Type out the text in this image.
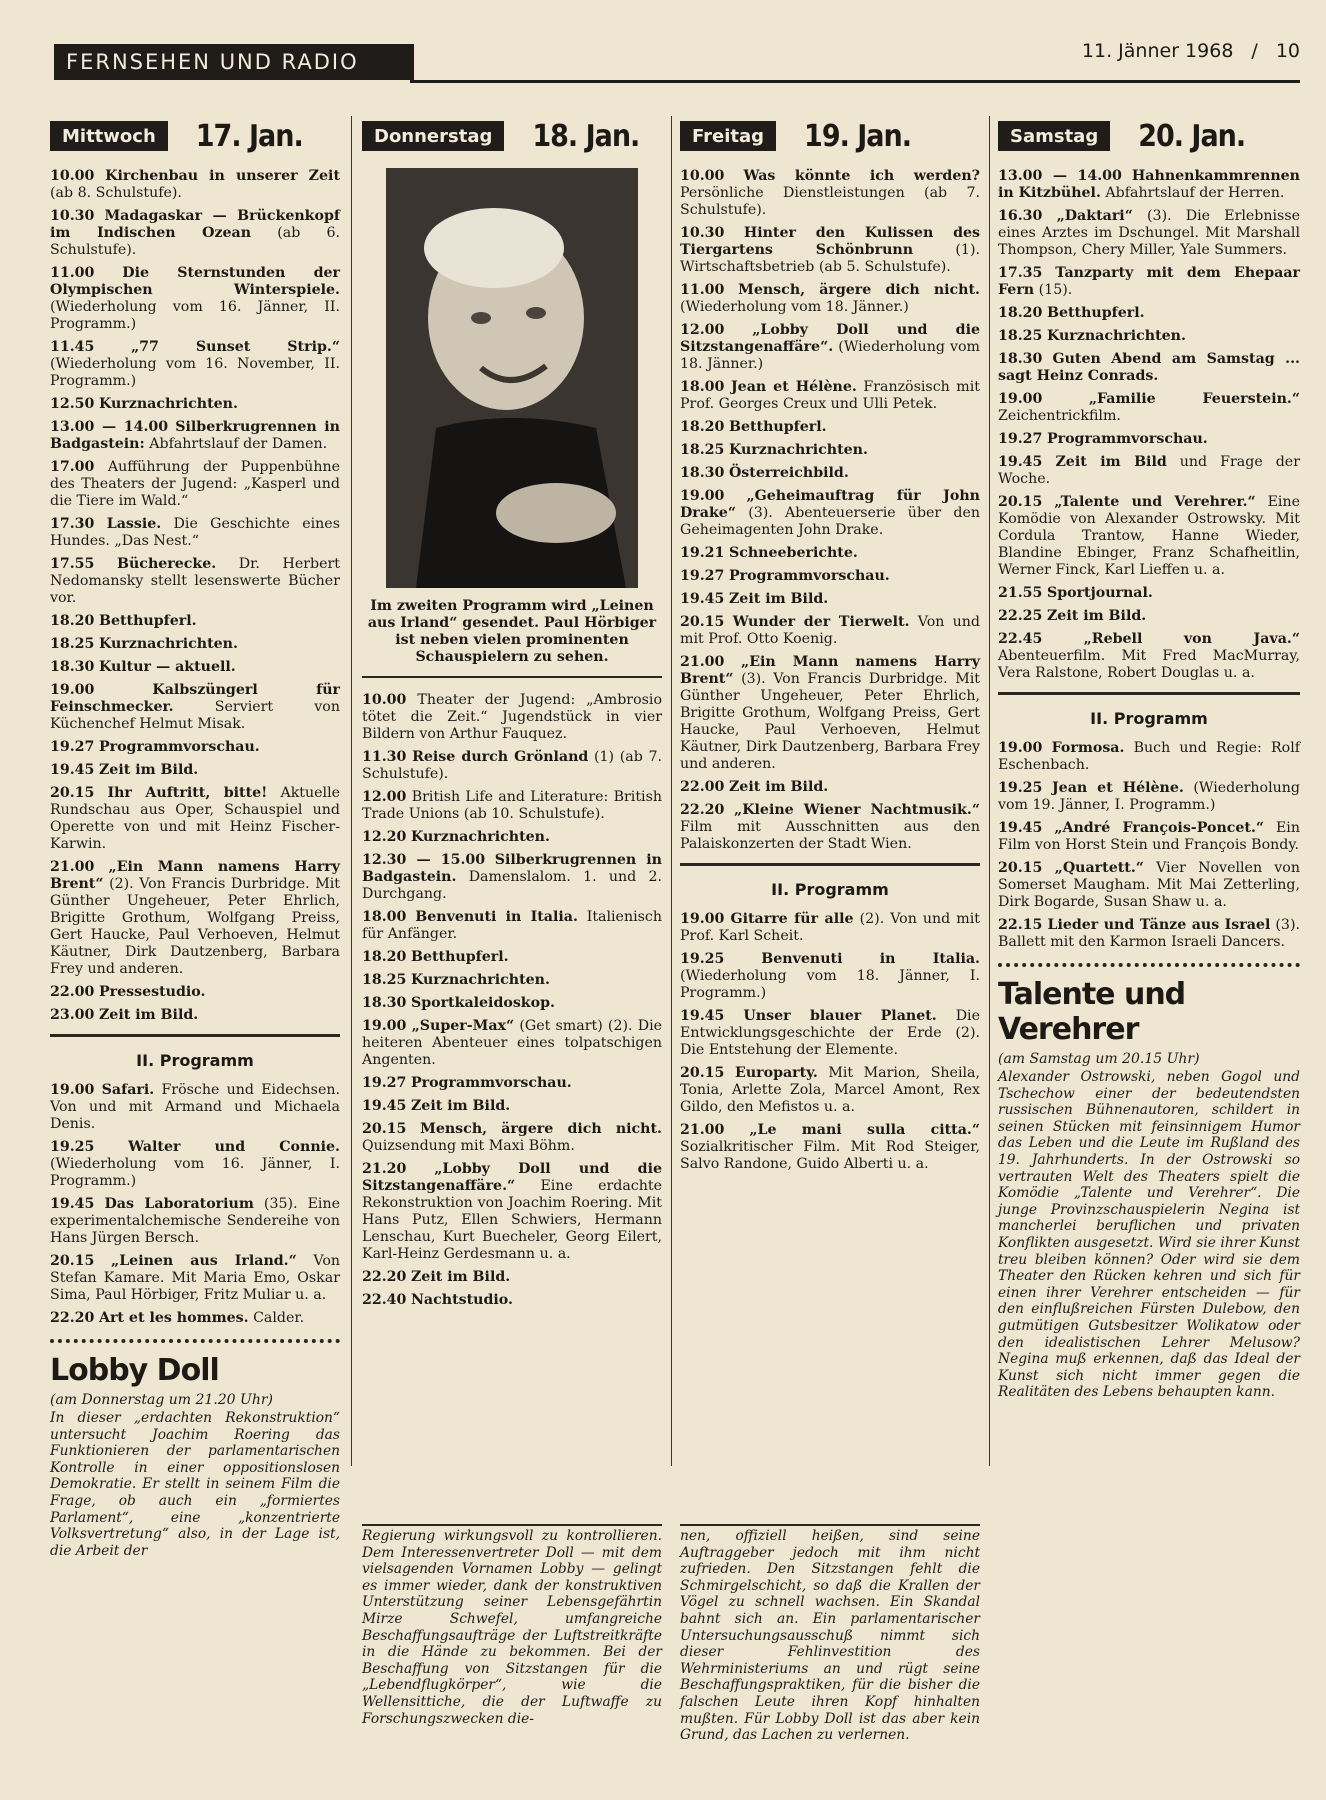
FERNSEHEN UND RADIO	11. Jänner 1968 / 10
Mittwoch	17. Jan.
10.00 Kirchenbau in unserer Zeit (ab 8. Schulstufe).
10.30 Madagaskar — Brückenkopf im Indischen Ozean (ab 6. Schulstufe).
11.00 Die Sternstunden der Olympischen Winterspiele. (Wiederholung vom 16. Jänner, II. Programm.)
11.45	„77 Sunset Strip.“ (Wiederholung vom 16. November, II. Programm.)
12.50 Kurznachrichten.
13.00 — 14.00 Silberkrugrennen in Badgastein: Abfahrtslauf der Damen.
17.00 Aufführung der Puppenbühne des Theaters der Jugend: „Kasperl und die Tiere im Wald.“
17.30 Lassie. Die Geschichte eines Hundes. „Das Nest.“
17.55 Bücherecke. Dr. Herbert Nedomansky stellt lesenswerte Bücher vor.
18.20 Betthupferl.
18.25 Kurznachrichten.
18.30 Kultur — aktuell.
19.00	Kalbszüngerl für Feinschmecker.	Serviert von Küchenchef Helmut Misak.
19.27 Programmvorschau.
19.45 Zeit im Bild.
20.15 Ihr Auftritt, bitte! Aktuelle Rundschau aus Oper, Schauspiel und Operette von und mit Heinz Fischer-Karwin.
21.00 „Ein Mann namens Harry Brent“ (2). Von Francis Durbridge. Mit Günther Ungeheuer, Peter Ehrlich, Brigitte Grothum, Wolfgang Preiss, Gert Haucke, Paul Verhoeven, Helmut Käutner, Dirk Dautzenberg, Barbara Frey und anderen.
22.00 Pressestudio.
23.00 Zeit im Bild.
II. Programm
19.00 Safari. Frösche und Eidechsen. Von und mit Armand und Michaela Denis.
19.25 Walter und Connie. (Wiederholung vom 16. Jänner, I. Programm.)
19.45 Das Laboratorium (35). Eine experimentalchemische Sendereihe von Hans Jürgen Bersch.
20.15 „Leinen aus Irland.“ Von Stefan Kamare. Mit Maria Emo, Oskar Sima, Paul Hörbiger, Fritz Muliar u. a.
22.20 Art et les hommes. Calder.
Lobby Doll
(am Donnerstag um 21.20 Uhr)
In dieser „erdachten Rekonstruktion“ untersucht Joachim Roering das Funktionieren der parlamentarischen Kontrolle in einer oppositionslosen Demokratie. Er stellt in seinem Film die Frage, ob auch ein „formiertes Parlament“, eine „konzentrierte Volksvertretung“ also, in der Lage ist, die Arbeit der
Donnerstag	18. Jan.
Im zweiten Programm wird „Leinen aus Irland“ gesendet. Paul Hörbiger ist neben vielen prominenten Schauspielern zu sehen.
10.00 Theater der Jugend: „Ambrosio tötet die Zeit.“ Jugendstück in vier Bildern von Arthur Fauquez.
11.30 Reise durch Grönland (1) (ab 7. Schulstufe).
12.00 British Life and Literature: British Trade Unions (ab 10. Schulstufe).
12.20 Kurznachrichten.
12.30 — 15.00 Silberkrugrennen in Badgastein. Damenslalom. 1. und 2. Durchgang.
18.00 Benvenuti in Italia. Italienisch für Anfänger.
18.20 Betthupferl.
18.25 Kurznachrichten.
18.30 Sportkaleidoskop.
19.00 „Super-Max“ (Get smart) (2). Die heiteren Abenteuer eines tolpatschigen Angenten.
19.27 Programmvorschau.
19.45 Zeit im Bild.
20.15 Mensch, ärgere dich nicht. Quizsendung mit Maxi Böhm.
21.20 „Lobby Doll und die Sitzstangenaffäre.“ Eine erdachte Rekonstruktion von Joachim Roering. Mit Hans Putz, Ellen Schwiers, Hermann Lenschau, Kurt Buecheler, Georg Eilert, Karl-Heinz Gerdesmann u. a.
22.20 Zeit im Bild.
22.40 Nachtstudio.
Freitag	19. Jan.
10.00 Was könnte ich werden? Persönliche Dienstleistungen (ab 7. Schulstufe).
10.30 Hinter den Kulissen des Tiergartens Schönbrunn	(1). Wirtschaftsbetrieb (ab 5. Schulstufe).
11.00 Mensch, ärgere dich nicht. (Wiederholung vom 18. Jänner.)
12.00 „Lobby Doll und die Sitzstangenaffäre“. (Wiederholung vom 18. Jänner.)
18.00 Jean et Hélène. Französisch mit Prof. Georges Creux und Ulli Petek.
18.20 Betthupferl.
18.25 Kurznachrichten.
18.30 Österreichbild.
19.00 „Geheimauftrag für John Drake“ (3). Abenteuerserie über den Geheimagenten John Drake.
19.21 Schneeberichte.
19.27 Programmvorschau.
19.45 Zeit im Bild.
20.15 Wunder der Tierwelt. Von und mit Prof. Otto Koenig.
21.00 „Ein Mann namens Harry Brent“ (3). Von Francis Durbridge. Mit Günther Ungeheuer, Peter Ehrlich, Brigitte Grothum, Wolfgang Preiss, Gert Haucke, Paul Verhoeven, Helmut Käutner, Dirk Dautzenberg, Barbara Frey und anderen.
22.00 Zeit im Bild.
22.20 „Kleine Wiener Nachtmusik.“ Film mit Ausschnitten aus den Palaiskonzerten der Stadt Wien.
II. Programm
19.00 Gitarre für alle (2). Von und mit Prof. Karl Scheit.
19.25	Benvenuti in Italia. (Wiederholung vom 18. Jänner, I. Programm.)
19.45 Unser blauer Planet. Die Entwicklungsgeschichte der Erde (2). Die Entstehung der Elemente.
20.15 Europarty. Mit Marion, Sheila, Tonia, Arlette Zola, Marcel Amont, Rex Gildo, den Mefistos u. a.
21.00 „Le mani sulla citta.“ Sozialkritischer Film. Mit Rod Steiger, Salvo Randone, Guido Alberti u. a.
Samstag	20. Jan.
13.00 — 14.00 Hahnenkammrennen in Kitzbühel. Abfahrtslauf der Herren.
16.30 „Daktari“ (3). Die Erlebnisse eines Arztes im Dschungel. Mit Marshall Thompson, Chery Miller, Yale Summers.
17.35 Tanzparty mit dem Ehepaar Fern (15).
18.20 Betthupferl.
18.25 Kurznachrichten.
18.30 Guten Abend am Samstag ... sagt Heinz Conrads.
19.00	„Familie Feuerstein.“ Zeichentrickfilm.
19.27 Programmvorschau.
19.45 Zeit im Bild und Frage der Woche.
20.15 „Talente und Verehrer.“ Eine Komödie von Alexander Ostrowsky. Mit Cordula Trantow, Hanne Wieder, Blandine Ebinger, Franz Schafheitlin, Werner Finck, Karl Lieffen u. a.
21.55 Sportjournal.
22.25 Zeit im Bild.
22.45	„Rebell von Java.“ Abenteuerfilm. Mit Fred MacMurray, Vera Ralstone, Robert Douglas u. a.
II. Programm
19.00 Formosa. Buch und Regie: Rolf Eschenbach.
19.25 Jean et Hélène. (Wiederholung vom 19. Jänner, I. Programm.)
19.45 „André François-Poncet.“ Ein Film von Horst Stein und François Bondy.
20.15 „Quartett.“ Vier Novellen von Somerset Maugham. Mit Mai Zetterling, Dirk Bogarde, Susan Shaw u. a.
22.15 Lieder und Tänze aus Israel (3). Ballett mit den Karmon Israeli Dancers.
Talente und Verehrer
(am Samstag um 20.15 Uhr)
Alexander Ostrowski, neben Gogol und Tschechow einer der bedeutendsten russischen Bühnenautoren, schildert in seinen Stücken mit feinsinnigem Humor das Leben und die Leute im Rußland des 19. Jahrhunderts. In der Ostrowski so vertrauten Welt des Theaters spielt die Komödie „Talente und Verehrer“. Die junge Provinzschauspielerin Negina ist mancherlei beruflichen und privaten Konflikten ausgesetzt. Wird sie ihrer Kunst treu bleiben können? Oder wird sie dem Theater den Rücken kehren und sich für einen ihrer Verehrer entscheiden — für den einflußreichen Fürsten Dulebow, den gutmütigen Gutsbesitzer Wolikatow oder den idealistischen Lehrer Melusow? Negina muß erkennen, daß das Ideal der Kunst sich nicht immer gegen die Realitäten des Lebens behaupten kann.
Regierung wirkungsvoll zu kontrollieren. Dem Interessenvertreter Doll — mit dem vielsagenden Vornamen Lobby — gelingt es immer wieder, dank der konstruktiven Unterstützung seiner Lebensgefährtin Mirze Schwefel, umfangreiche Beschaffungsaufträge der Luftstreitkräfte in die Hände zu bekommen. Bei der Beschaffung von Sitzstangen für die „Lebendflugkörper“, wie die Wellensittiche, die der Luftwaffe zu Forschungszwecken die-
nen, offiziell heißen, sind seine Auftraggeber jedoch mit ihm nicht zufrieden. Den Sitzstangen fehlt die Schmirgelschicht, so daß die Krallen der Vögel zu schnell wachsen. Ein Skandal bahnt sich an. Ein parlamentarischer Untersuchungsausschuß nimmt sich dieser Fehlinvestition des Wehrministeriums an und rügt seine Beschaffungspraktiken, für die bisher die falschen Leute ihren Kopf hinhalten mußten. Für Lobby Doll ist das aber kein Grund, das Lachen zu verlernen.
